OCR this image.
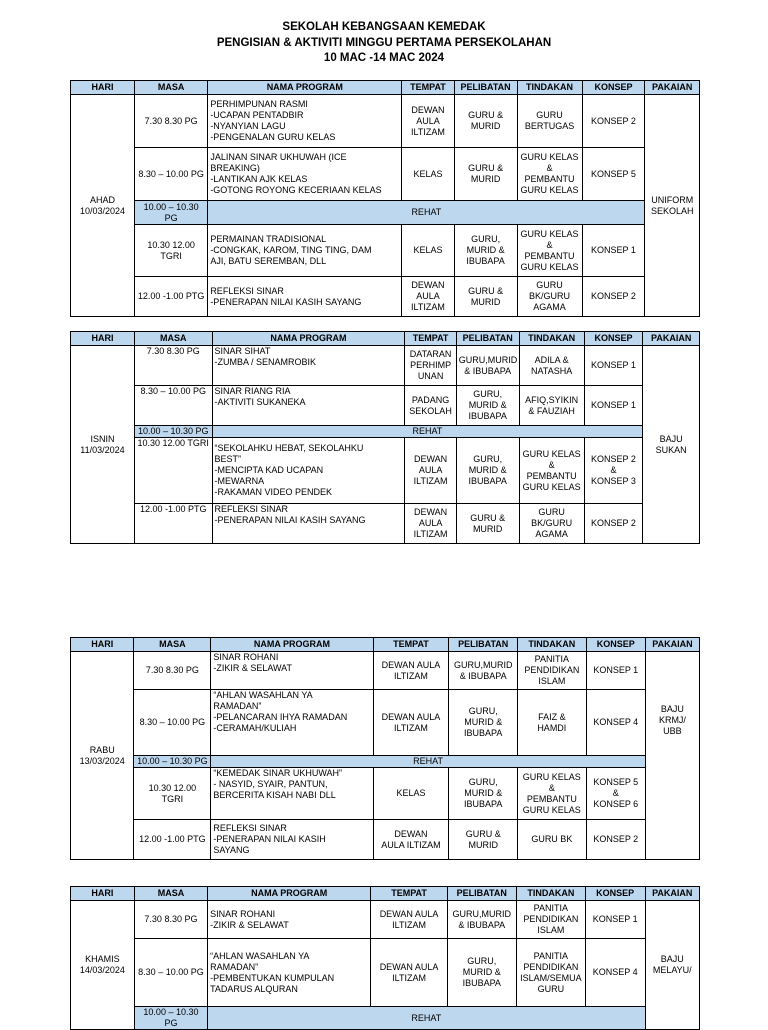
SEKOLAH KEBANGSAAN KEMEDAK
PENGISIAN & AKTIVITI MINGGU PERTAMA PERSEKOLAHAN
10 MAC -14 MAC 2024
HARI	MASA	NAMA PROGRAM	TEMPAT	PELIBATAN	TINDAKAN	KONSEP	PAKAIAN

AHAD
10/03/2024	7.30 8.30 PG	PERHIMPUNAN RASMI
-UCAPAN PENTADBIR
-NYANYIAN LAGU
-PENGENALAN GURU KELAS	DEWAN
AULA
ILTIZAM	GURU &
MURID	GURU
BERTUGAS	KONSEP 2	UNIFORM
SEKOLAH

	8.30 – 10.00 PG	JALINAN SINAR UKHUWAH (ICE
BREAKING)
-LANTIKAN AJK KELAS
-GOTONG ROYONG KECERIAAN KELAS	KELAS	GURU &
MURID	GURU KELAS
&
PEMBANTU
GURU KELAS	KONSEP 5	

	10.00 – 10.30
PG	REHAT					

	10.30 12.00
TGRI	PERMAINAN TRADISIONAL
-CONGKAK, KAROM, TING TING, DAM
AJI, BATU SEREMBAN, DLL	KELAS	GURU,
MURID &
IBUBAPA	GURU KELAS
&
PEMBANTU
GURU KELAS	KONSEP 1	

	12.00 -1.00 PTG	REFLEKSI SINAR
-PENERAPAN NILAI KASIH SAYANG	DEWAN
AULA
ILTIZAM	GURU &
MURID	GURU
BK/GURU
AGAMA	KONSEP 2	
HARI	MASA	NAMA PROGRAM	TEMPAT	PELIBATAN	TINDAKAN	KONSEP	PAKAIAN

ISNIN
11/03/2024	7.30 8.30 PG	SINAR SIHAT
-ZUMBA / SENAMROBIK	DATARAN
PERHIMP
UNAN	GURU,MURID
& IBUBAPA	ADILA &
NATASHA	KONSEP 1	BAJU
SUKAN

	8.30 – 10.00 PG	SINAR RIANG RIA
-AKTIVITI SUKANEKA	PADANG
SEKOLAH	GURU,
MURID &
IBUBAPA	AFIQ,SYIKIN
& FAUZIAH	KONSEP 1	

	10.00 – 10.30 PG	REHAT					

	10.30 12.00 TGRI	“SEKOLAHKU HEBAT, SEKOLAHKU
BEST”
-MENCIPTA KAD UCAPAN
-MEWARNA
-RAKAMAN VIDEO PENDEK	DEWAN
AULA
ILTIZAM	GURU,
MURID &
IBUBAPA	GURU KELAS
&
PEMBANTU
GURU KELAS	KONSEP 2
&
KONSEP 3	

	12.00 -1.00 PTG	REFLEKSI SINAR
-PENERAPAN NILAI KASIH SAYANG	DEWAN
AULA
ILTIZAM	GURU &
MURID	GURU
BK/GURU
AGAMA	KONSEP 2	
HARI	MASA	NAMA PROGRAM	TEMPAT	PELIBATAN	TINDAKAN	KONSEP	PAKAIAN

RABU
13/03/2024	7.30 8.30 PG	SINAR ROHANI
-ZIKIR & SELAWAT	DEWAN AULA
ILTIZAM	GURU,MURID
& IBUBAPA	PANITIA
PENDIDIKAN
ISLAM	KONSEP 1	BAJU
KRMJ/
UBB

	8.30 – 10.00 PG	“AHLAN WASAHLAN YA
RAMADAN”
-PELANCARAN IHYA RAMADAN
-CERAMAH/KULIAH	DEWAN AULA
ILTIZAM	GURU,
MURID &
IBUBAPA	FAIZ &
HAMDI	KONSEP 4	

	10.00 – 10.30 PG	REHAT					

	10.30 12.00
TGRI	“KEMEDAK SINAR UKHUWAH”
- NASYID, SYAIR, PANTUN,
BERCERITA KISAH NABI DLL	KELAS	GURU,
MURID &
IBUBAPA	GURU KELAS
&
PEMBANTU
GURU KELAS	KONSEP 5
&
KONSEP 6	

	12.00 -1.00 PTG	REFLEKSI SINAR
-PENERAPAN NILAI KASIH
SAYANG	DEWAN
AULA ILTIZAM	GURU &
MURID	GURU BK	KONSEP 2	
HARI	MASA	NAMA PROGRAM	TEMPAT	PELIBATAN	TINDAKAN	KONSEP	PAKAIAN

KHAMIS
14/03/2024	7.30 8.30 PG	SINAR ROHANI
-ZIKIR & SELAWAT	DEWAN AULA
ILTIZAM	GURU,MURID
& IBUBAPA	PANITIA
PENDIDIKAN
ISLAM	KONSEP 1	BAJU
MELAYU/

	8.30 – 10.00 PG	“AHLAN WASAHLAN YA
RAMADAN”
-PEMBENTUKAN KUMPULAN
TADARUS ALQURAN	DEWAN AULA
ILTIZAM	GURU,
MURID &
IBUBAPA	PANITIA
PENDIDIKAN
ISLAM/SEMUA
GURU	KONSEP 4	

	10.00 – 10.30
PG	REHAT					
